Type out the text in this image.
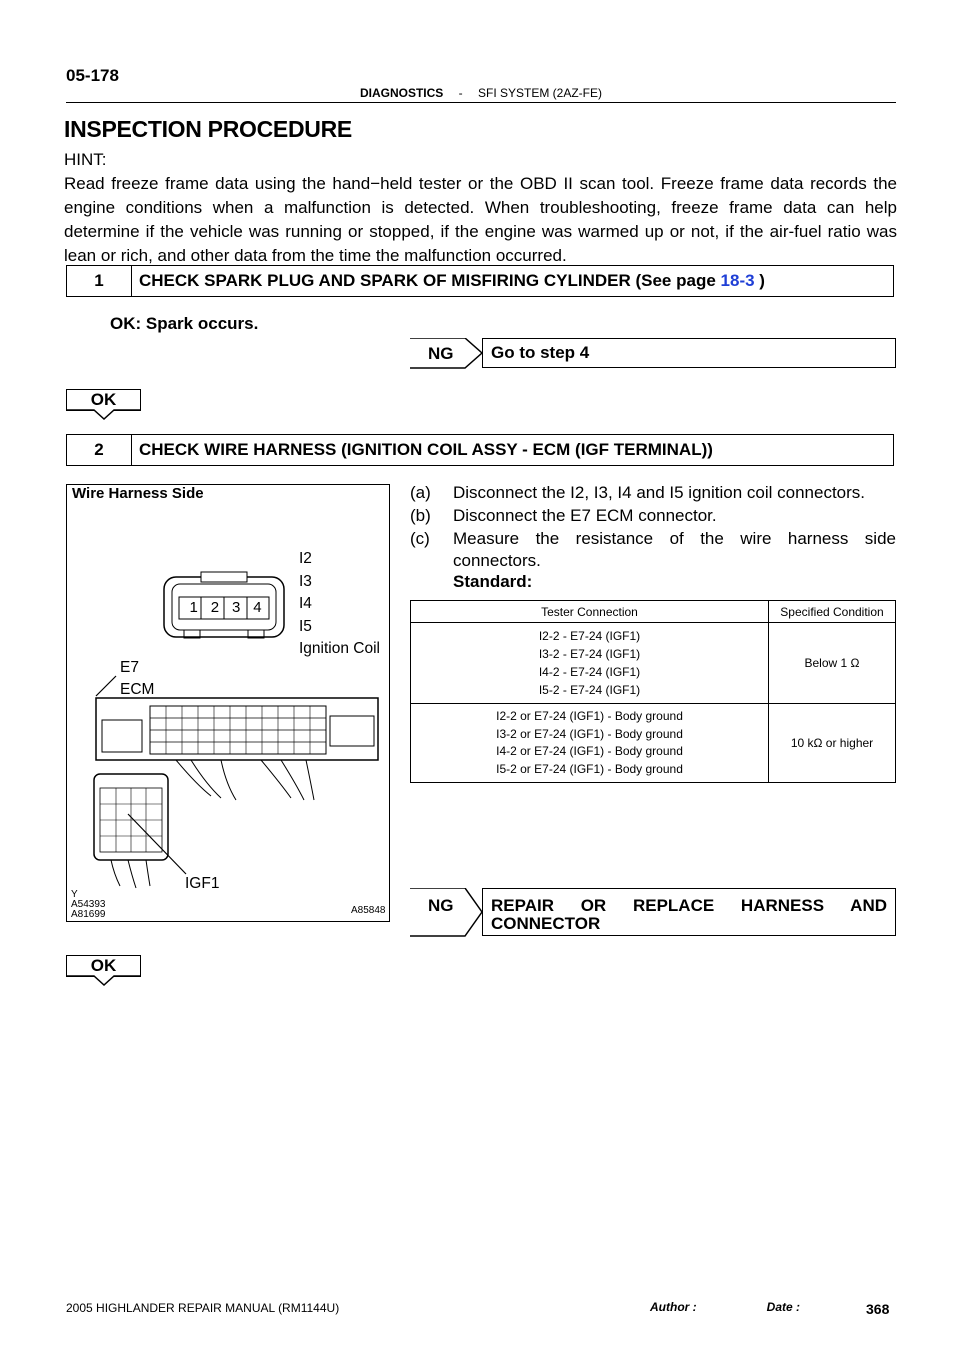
05-178
DIAGNOSTICS - SFI SYSTEM (2AZ-FE)
INSPECTION PROCEDURE
HINT:
Read freeze frame data using the hand−held tester or the OBD II scan tool. Freeze frame data records the engine conditions when a malfunction is detected. When troubleshooting, freeze frame data can help determine if the vehicle was running or stopped, if the engine was warmed up or not, if the air-fuel ratio was lean or rich, and other data from the time the malfunction occurred.
1	CHECK SPARK PLUG AND SPARK OF MISFIRING CYLINDER (See page 18-3 )
OK: Spark occurs.
NG Go to step 4
OK
2	CHECK WIRE HARNESS (IGNITION COIL ASSY - ECM (IGF TERMINAL))
Wire Harness Side
1 2 3 4
I2
I3
I4
I5
Ignition Coil
E7
ECM
IGF1
Y
A54393
A81699	A85848
(a) Disconnect the I2, I3, I4 and I5 ignition coil connectors.
(b) Disconnect the E7 ECM connector.
(c) Measure the resistance of the wire harness side connectors.
Standard:
Tester Connection	Specified Condition

I2-2 - E7-24 (IGF1)
I3-2 - E7-24 (IGF1)
I4-2 - E7-24 (IGF1)
I5-2 - E7-24 (IGF1)	Below 1 Ω

I2-2 or E7-24 (IGF1) - Body ground
I3-2 or E7-24 (IGF1) - Body ground
I4-2 or E7-24 (IGF1) - Body ground
I5-2 or E7-24 (IGF1) - Body ground	10 kΩ or higher
NG REPAIR OR REPLACE HARNESS AND CONNECTOR
OK
2005 HIGHLANDER REPAIR MANUAL (RM1144U)	Author :	Date :	368
